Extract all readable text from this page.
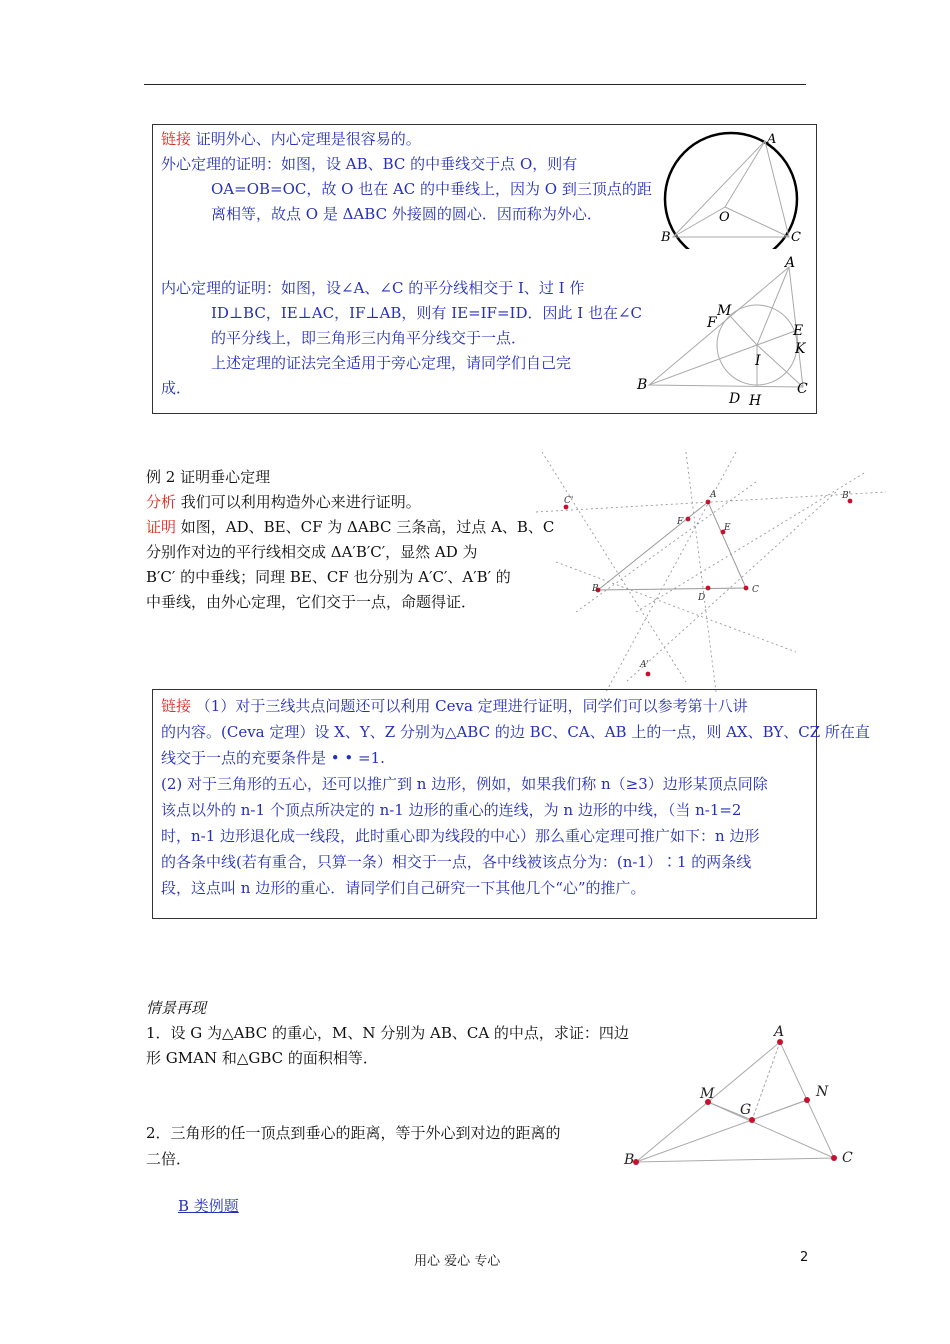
链接 证明外心、内心定理是很容易的。
外心定理的证明：如图，设 AB、BC 的中垂线交于点 O，则有
OA=OB=OC，故 O 也在 AC 的中垂线上，因为 O 到三顶点的距
离相等，故点 O 是 ΔABC 外接圆的圆心．因而称为外心．
内心定理的证明：如图，设∠A、∠C 的平分线相交于 I、过 I 作
ID⊥BC，IE⊥AC，IF⊥AB，则有 IE=IF=ID．因此 I 也在∠C
的平分线上，即三角形三内角平分线交于一点．
上述定理的证法完全适用于旁心定理，请同学们自己完
成．
A
B	C
O
A
B	C
M
F	E
K
I
D H
例 2 证明垂心定理
分析 我们可以利用构造外心来进行证明。
证明 如图，AD、BE、CF 为 ΔABC 三条高，过点 A、B、C
分别作对边的平行线相交成 ΔA′B′C′，显然 AD 为
B′C′ 的中垂线；同理 BE、CF 也分别为 A′C′、A′B′ 的
中垂线，由外心定理，它们交于一点，命题得证．
A
B	C
D
E
F
A'
B'
C'
链接 （1）对于三线共点问题还可以利用 Ceva 定理进行证明，同学们可以参考第十八讲
的内容。(Ceva 定理）设 X、Y、Z 分别为△ABC 的边 BC、CA、AB 上的一点，则 AX、BY、CZ 所在直
线交于一点的充要条件是 • • =1.
(2) 对于三角形的五心，还可以推广到 n 边形，例如，如果我们称 n（≥3）边形某顶点同除
该点以外的 n-1 个顶点所决定的 n-1 边形的重心的连线，为 n 边形的中线，（当 n-1=2
时，n-1 边形退化成一线段，此时重心即为线段的中心）那么重心定理可推广如下：n 边形
的各条中线(若有重合，只算一条）相交于一点，各中线被该点分为：(n-1）∶1 的两条线
段，这点叫 n 边形的重心．请同学们自己研究一下其他几个“心”的推广。
情景再现
1．设 G 为△ABC 的重心，M、N 分别为 AB、CA 的中点，求证：四边
形 GMAN 和△GBC 的面积相等．
2．三角形的任一顶点到垂心的距离，等于外心到对边的距离的
二倍．
B 类例题
A
B	C
M	N
G
用心 爱心 专心	2
